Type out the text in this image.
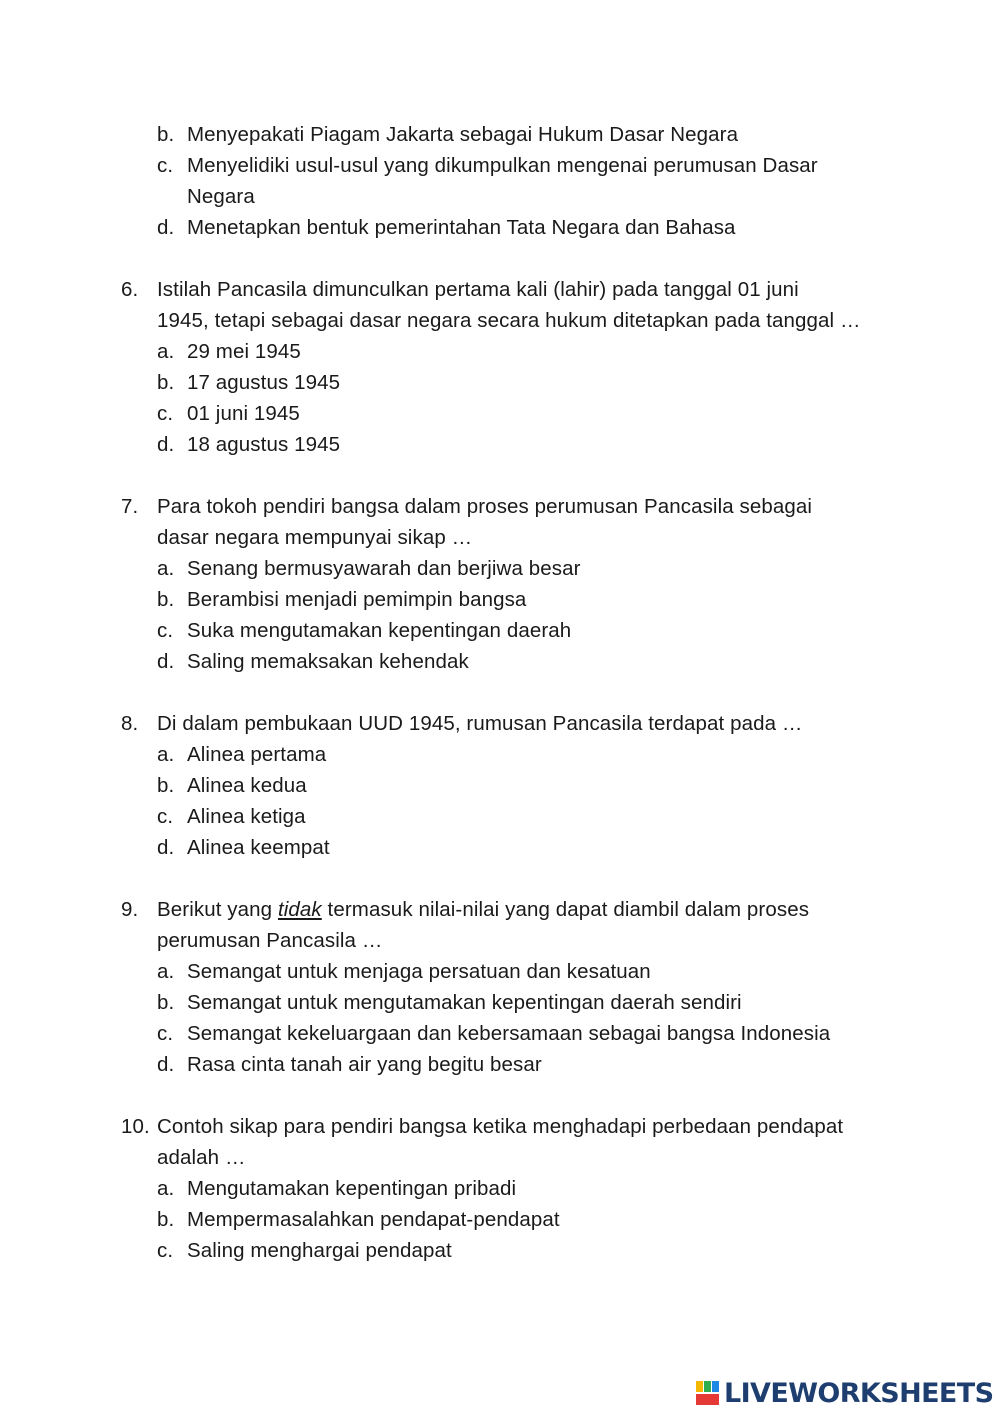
b. Menyepakati Piagam Jakarta sebagai Hukum Dasar Negara
c. Menyelidiki usul-usul yang dikumpulkan mengenai perumusan Dasar
Negara
d. Menetapkan bentuk pemerintahan Tata Negara dan Bahasa
6. Istilah Pancasila dimunculkan pertama kali (lahir) pada tanggal 01 juni
1945, tetapi sebagai dasar negara secara hukum ditetapkan pada tanggal …
a. 29 mei 1945
b. 17 agustus 1945
c. 01 juni 1945
d. 18 agustus 1945
7. Para tokoh pendiri bangsa dalam proses perumusan Pancasila sebagai
dasar negara mempunyai sikap …
a. Senang bermusyawarah dan berjiwa besar
b. Berambisi menjadi pemimpin bangsa
c. Suka mengutamakan kepentingan daerah
d. Saling memaksakan kehendak
8. Di dalam pembukaan UUD 1945, rumusan Pancasila terdapat pada …
a. Alinea pertama
b. Alinea kedua
c. Alinea ketiga
d. Alinea keempat
9. Berikut yang tidak termasuk nilai-nilai yang dapat diambil dalam proses
perumusan Pancasila …
a. Semangat untuk menjaga persatuan dan kesatuan
b. Semangat untuk mengutamakan kepentingan daerah sendiri
c. Semangat kekeluargaan dan kebersamaan sebagai bangsa Indonesia
d. Rasa cinta tanah air yang begitu besar
10. Contoh sikap para pendiri bangsa ketika menghadapi perbedaan pendapat
adalah …
a. Mengutamakan kepentingan pribadi
b. Mempermasalahkan pendapat-pendapat
c. Saling menghargai pendapat
LIVEWORKSHEETS
